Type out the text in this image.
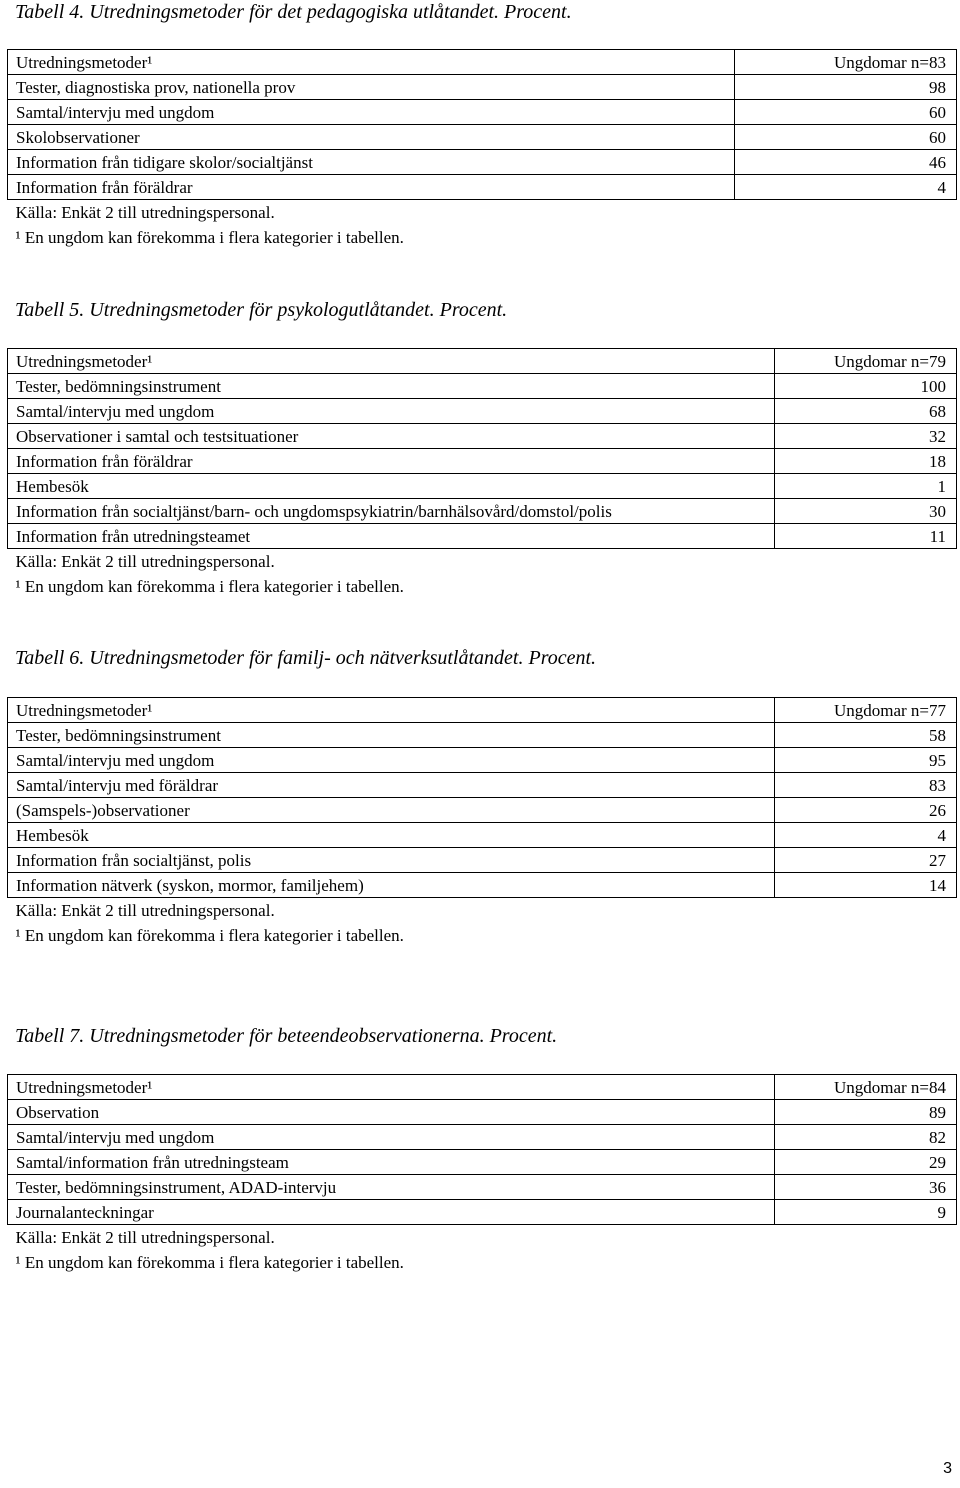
Tabell 4. Utredningsmetoder för det pedagogiska utlåtandet. Procent.
Utredningsmetoder¹	Ungdomar n=83
Tester, diagnostiska prov, nationella prov	98
Samtal/intervju med ungdom	60
Skolobservationer	60
Information från tidigare skolor/socialtjänst	46
Information från föräldrar	4
Källa: Enkät 2 till utredningspersonal.	
¹ En ungdom kan förekomma i flera kategorier i tabellen.	
Tabell 5. Utredningsmetoder för psykologutlåtandet. Procent.
Utredningsmetoder¹	Ungdomar n=79
Tester, bedömningsinstrument	100
Samtal/intervju med ungdom	68
Observationer i samtal och testsituationer	32
Information från föräldrar	18
Hembesök	1
Information från socialtjänst/barn- och ungdomspsykiatrin/barnhälsovård/domstol/polis	30
Information från utredningsteamet	11
Källa: Enkät 2 till utredningspersonal.	
¹ En ungdom kan förekomma i flera kategorier i tabellen.	
Tabell 6. Utredningsmetoder för familj- och nätverksutlåtandet. Procent.
Utredningsmetoder¹	Ungdomar n=77
Tester, bedömningsinstrument	58
Samtal/intervju med ungdom	95
Samtal/intervju med föräldrar	83
(Samspels-)observationer	26
Hembesök	4
Information från socialtjänst, polis	27
Information nätverk (syskon, mormor, familjehem)	14
Källa: Enkät 2 till utredningspersonal.	
¹ En ungdom kan förekomma i flera kategorier i tabellen.	
Tabell 7. Utredningsmetoder för beteendeobservationerna. Procent.
Utredningsmetoder¹	Ungdomar n=84
Observation	89
Samtal/intervju med ungdom	82
Samtal/information från utredningsteam	29
Tester, bedömningsinstrument, ADAD-intervju	36
Journalanteckningar	9
Källa: Enkät 2 till utredningspersonal.	
¹ En ungdom kan förekomma i flera kategorier i tabellen.	
3
